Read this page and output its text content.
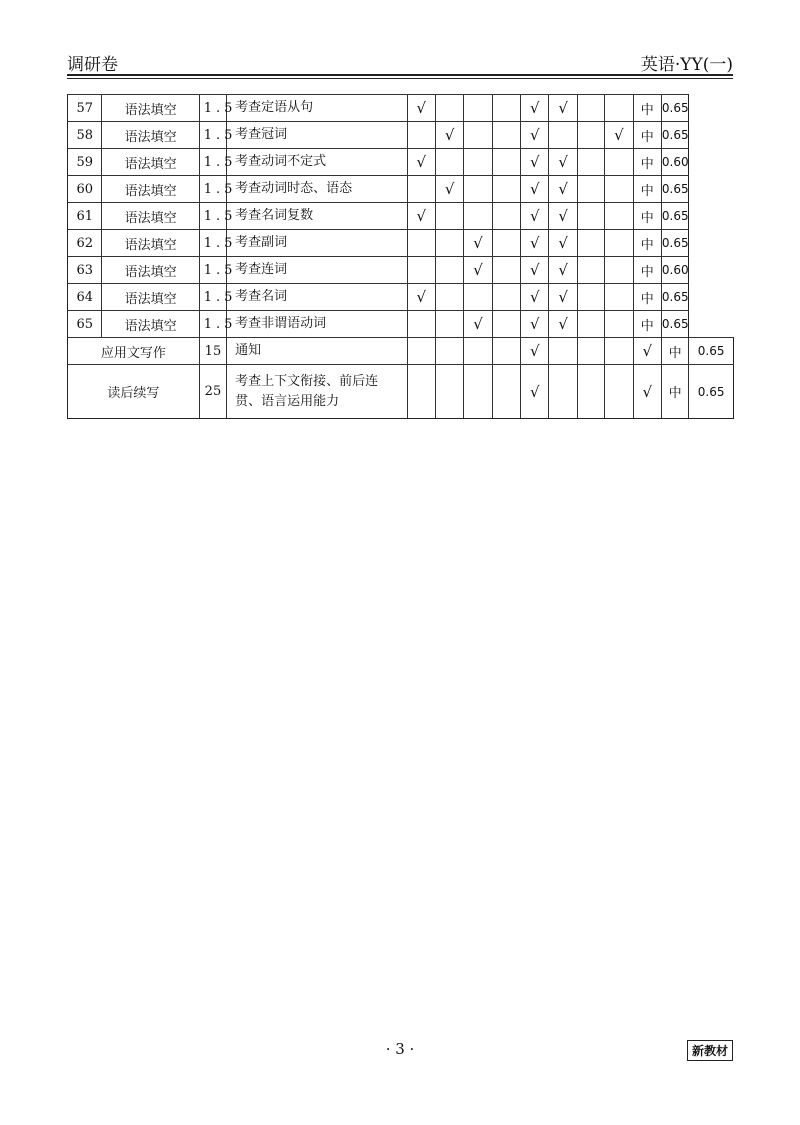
调研卷	英语·YY(一)
57	语法填空	1.5	考查定语从句	√				√	√			中	0.65	
58	语法填空	1.5	考查冠词		√			√			√	中	0.65	
59	语法填空	1.5	考查动词不定式	√				√	√			中	0.60	
60	语法填空	1.5	考查动词时态、语态		√			√	√			中	0.65	
61	语法填空	1.5	考查名词复数	√				√	√			中	0.65	
62	语法填空	1.5	考查副词			√		√	√			中	0.65	
63	语法填空	1.5	考查连词			√		√	√			中	0.60	
64	语法填空	1.5	考查名词	√				√	√			中	0.65	
65	语法填空	1.5	考查非谓语动词			√		√	√			中	0.65	
应用文写作		15	通知					√				√	中	0.65
读后续写		25	考查上下文衔接、前后连贯、语言运用能力					√				√	中	0.65
· 3 ·	新教材
